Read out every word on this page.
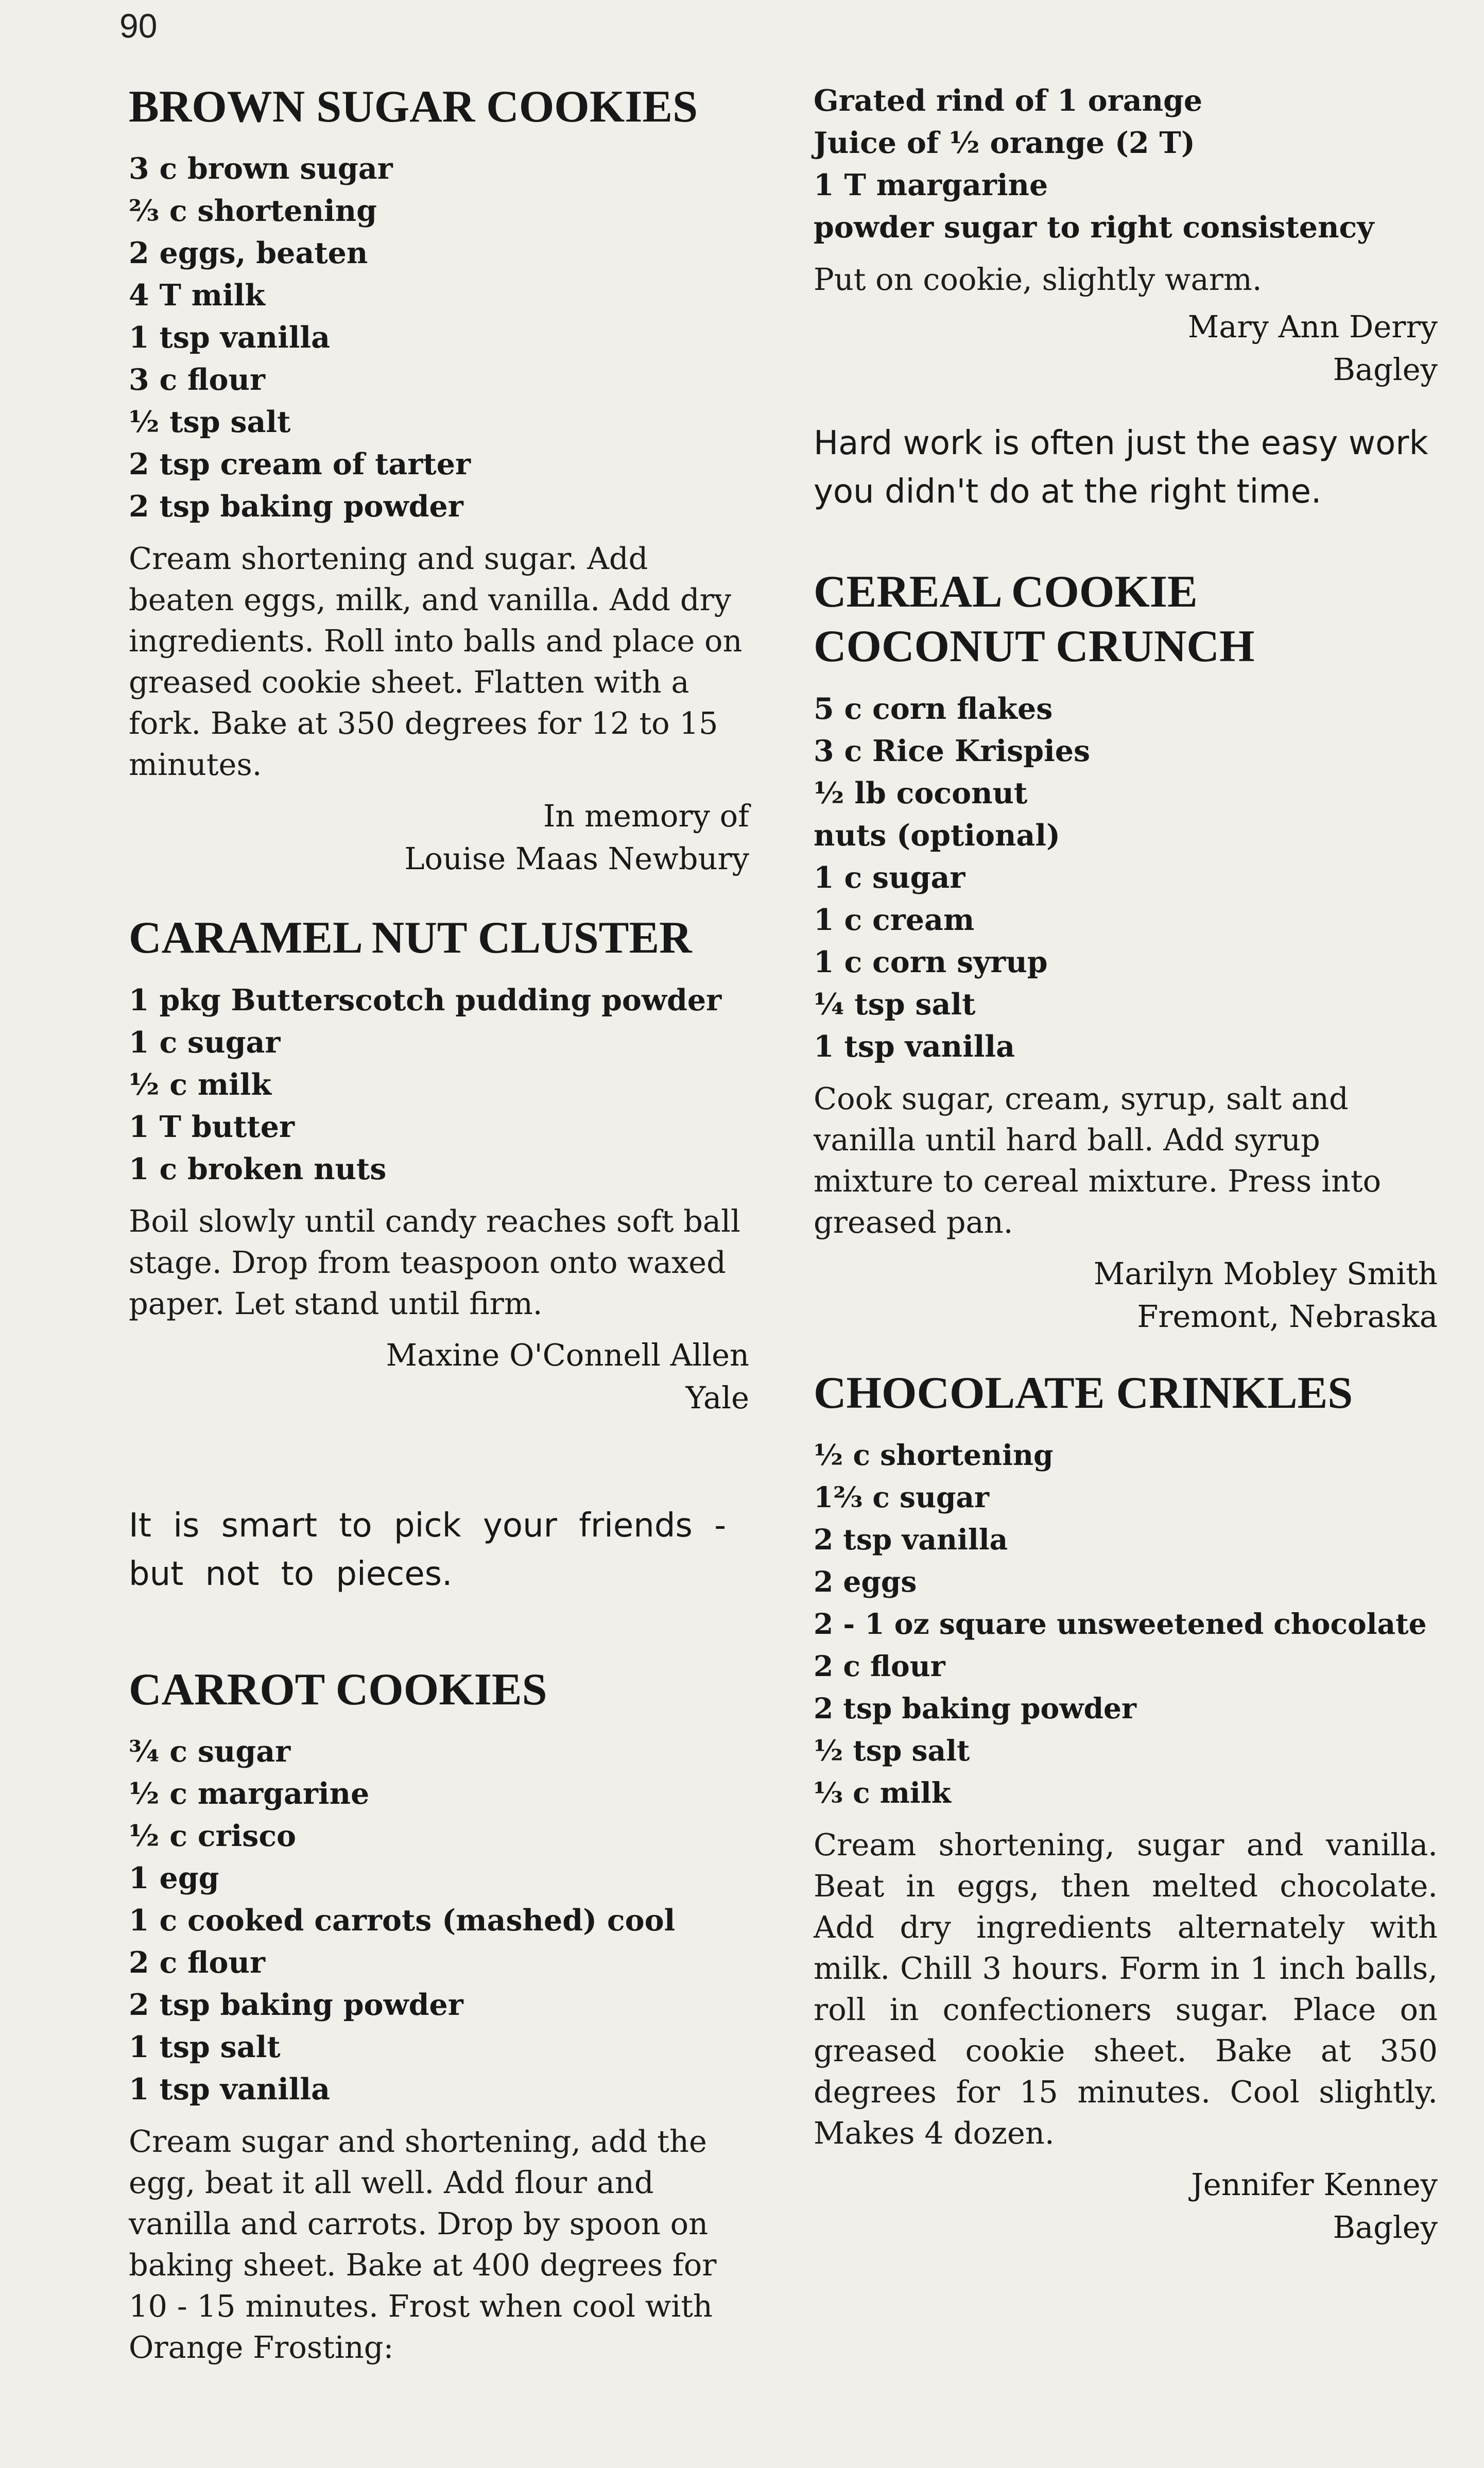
90
BROWN SUGAR COOKIES
3 c brown sugar
⅔ c shortening
2 eggs, beaten
4 T milk
1 tsp vanilla
3 c flour
½ tsp salt
2 tsp cream of tarter
2 tsp baking powder

Cream shortening and sugar. Add beaten eggs, milk, and vanilla. Add dry ingredients. Roll into balls and place on greased cookie sheet. Flatten with a fork. Bake at 350 degrees for 12 to 15 minutes.

In memory of
Louise Maas Newbury
CARAMEL NUT CLUSTER
1 pkg Butterscotch pudding powder
1 c sugar
½ c milk
1 T butter
1 c broken nuts

Boil slowly until candy reaches soft ball stage. Drop from teaspoon onto waxed paper. Let stand until firm.

Maxine O'Connell Allen
Yale

It is smart to pick your friends - but not to pieces.

CARROT COOKIES
¾ c sugar
½ c margarine
½ c crisco
1 egg
1 c cooked carrots (mashed) cool
2 c flour
2 tsp baking powder
1 tsp salt
1 tsp vanilla

Cream sugar and shortening, add the egg, beat it all well. Add flour and vanilla and carrots. Drop by spoon on baking sheet. Bake at 400 degrees for 10 - 15 minutes. Frost when cool with Orange Frosting:

Grated rind of 1 orange
Juice of ½ orange (2 T)
1 T margarine
powder sugar to right consistency

Put on cookie, slightly warm.

Mary Ann Derry
Bagley

Hard work is often just the easy work you didn't do at the right time.

CEREAL COOKIE
COCONUT CRUNCH
5 c corn flakes
3 c Rice Krispies
½ lb coconut
nuts (optional)
1 c sugar
1 c cream
1 c corn syrup
¼ tsp salt
1 tsp vanilla

Cook sugar, cream, syrup, salt and vanilla until hard ball. Add syrup mixture to cereal mixture. Press into greased pan.

Marilyn Mobley Smith
Fremont, Nebraska
CHOCOLATE CRINKLES
½ c shortening
1⅔ c sugar
2 tsp vanilla
2 eggs
2 - 1 oz square unsweetened chocolate
2 c flour
2 tsp baking powder
½ tsp salt
⅓ c milk

Cream shortening, sugar and vanilla. Beat in eggs, then melted chocolate. Add dry ingredients alternately with milk. Chill 3 hours. Form in 1 inch balls, roll in confectioners sugar. Place on greased cookie sheet. Bake at 350 degrees for 15 minutes. Cool slightly. Makes 4 dozen.

Jennifer Kenney
Bagley
